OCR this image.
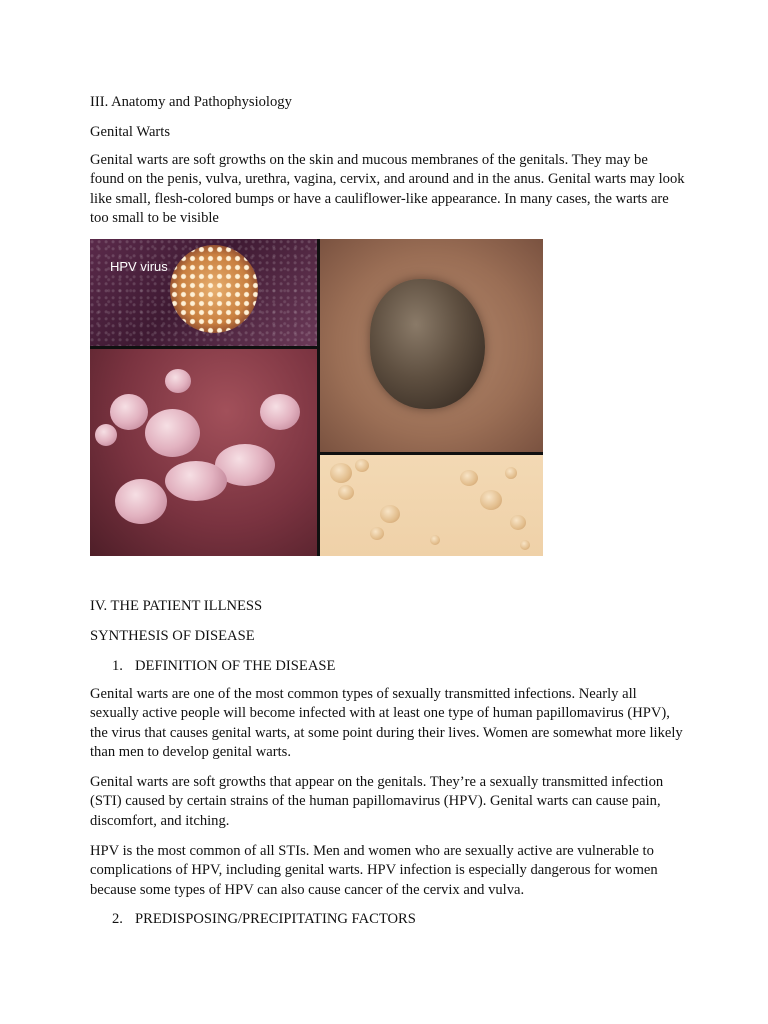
III. Anatomy and Pathophysiology
Genital Warts
Genital warts are soft growths on the skin and mucous membranes of the genitals. They may be found on the penis, vulva, urethra, vagina, cervix, and around and in the anus. Genital warts may look like small, flesh-colored bumps or have a cauliflower-like appearance. In many cases, the warts are too small to be visible
HPV virus
IV. THE PATIENT ILLNESS
SYNTHESIS OF DISEASE
1. DEFINITION OF THE DISEASE
Genital warts are one of the most common types of sexually transmitted infections. Nearly all sexually active people will become infected with at least one type of human papillomavirus (HPV), the virus that causes genital warts, at some point during their lives. Women are somewhat more likely than men to develop genital warts.
Genital warts are soft growths that appear on the genitals. They’re a sexually transmitted infection (STI) caused by certain strains of the human papillomavirus (HPV). Genital warts can cause pain, discomfort, and itching.
HPV is the most common of all STIs. Men and women who are sexually active are vulnerable to complications of HPV, including genital warts. HPV infection is especially dangerous for women because some types of HPV can also cause cancer of the cervix and vulva.
2. PREDISPOSING/PRECIPITATING FACTORS
